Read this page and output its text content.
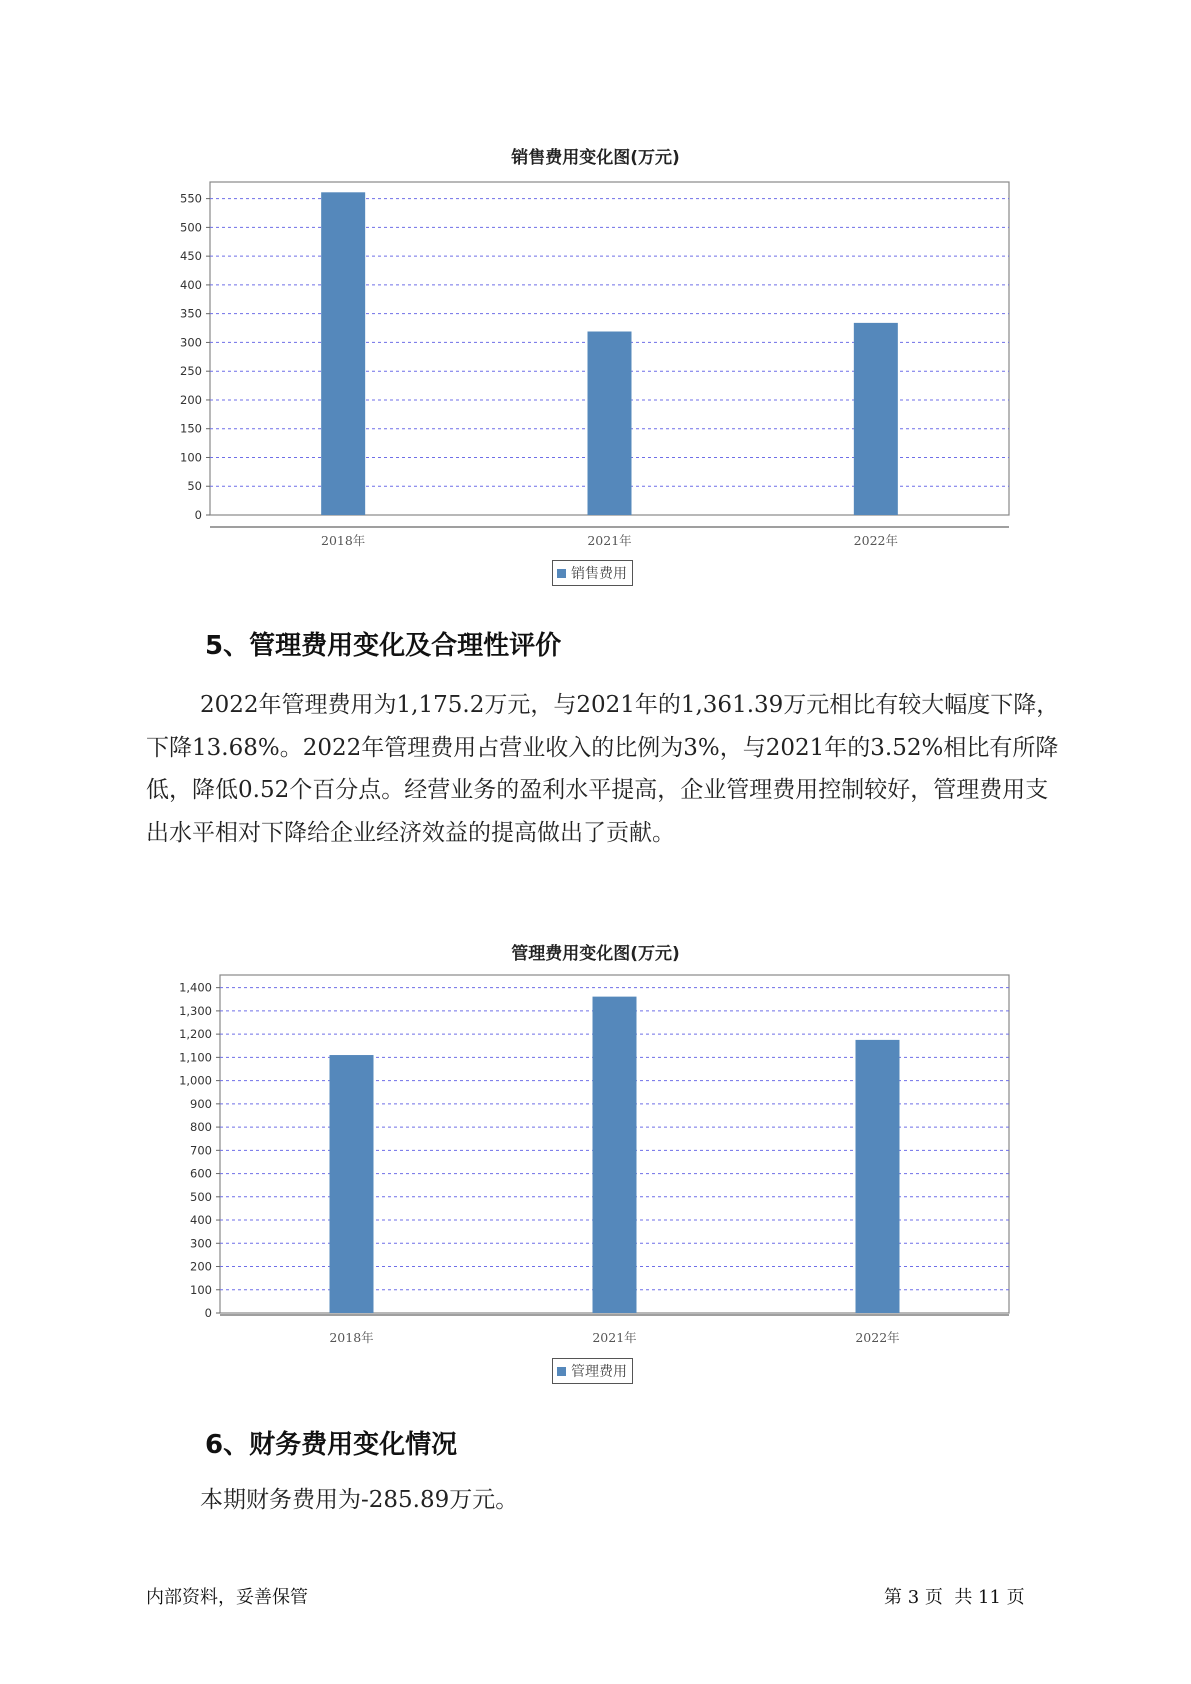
销售费用变化图(万元)
0
50
100
150
200
250
300
350
400
450
500
550
2018年	2021年	2022年
销售费用
5、管理费用变化及合理性评价

2022年管理费用为1,175.2万元，与2021年的1,361.39万元相比有较大幅度下降，下降13.68%。2022年管理费用占营业收入的比例为3%，与2021年的3.52%相比有所降低，降低0.52个百分点。经营业务的盈利水平提高，企业管理费用控制较好，管理费用支出水平相对下降给企业经济效益的提高做出了贡献。

管理费用变化图(万元)
0
100
200
300
400
500
600
700
800
900
1,000
1,100
1,200
1,300
1,400
2018年	2021年	2022年
管理费用
6、财务费用变化情况

本期财务费用为-285.89万元。

内部资料，妥善保管	第 3 页  共 11 页
